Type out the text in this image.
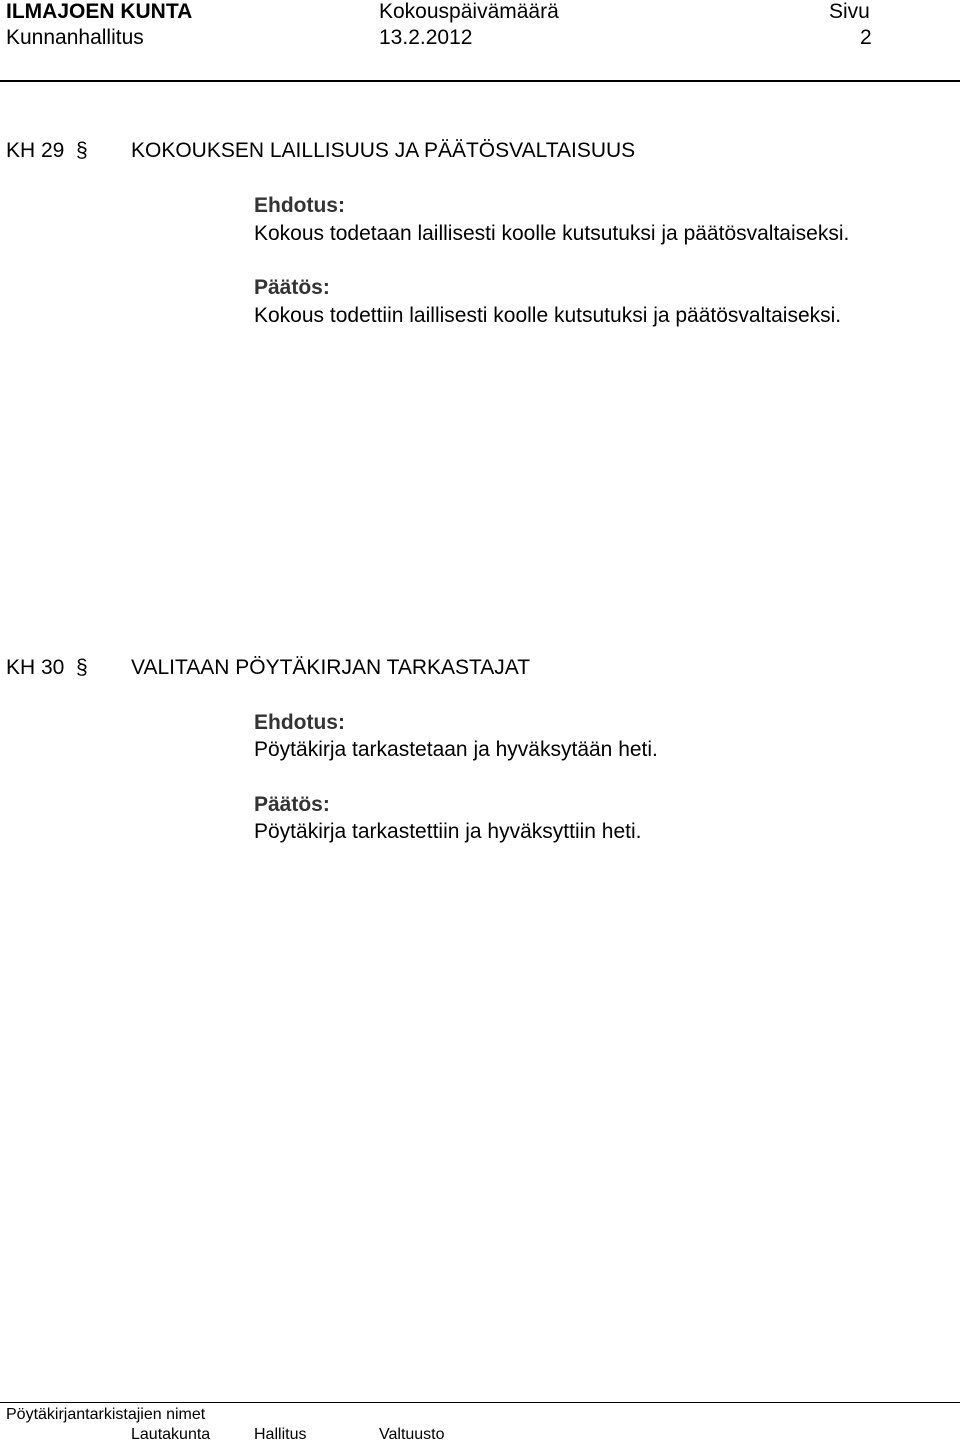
ILMAJOEN KUNTA
Kunnanhallitus
Kokouspäivämäärä
13.2.2012
Sivu
2
KH 29 § KOKOUKSEN LAILLISUUS JA PÄÄTÖSVALTAISUUS
Ehdotus:
Kokous todetaan laillisesti koolle kutsutuksi ja päätösvaltaiseksi.
Päätös:
Kokous todettiin laillisesti koolle kutsutuksi ja päätösvaltaiseksi.
KH 30 § VALITAAN PÖYTÄKIRJAN TARKASTAJAT
Ehdotus:
Pöytäkirja tarkastetaan ja hyväksytään heti.
Päätös:
Pöytäkirja tarkastettiin ja hyväksyttiin heti.
Pöytäkirjantarkistajien nimet
Lautakunta	Hallitus	Valtuusto
